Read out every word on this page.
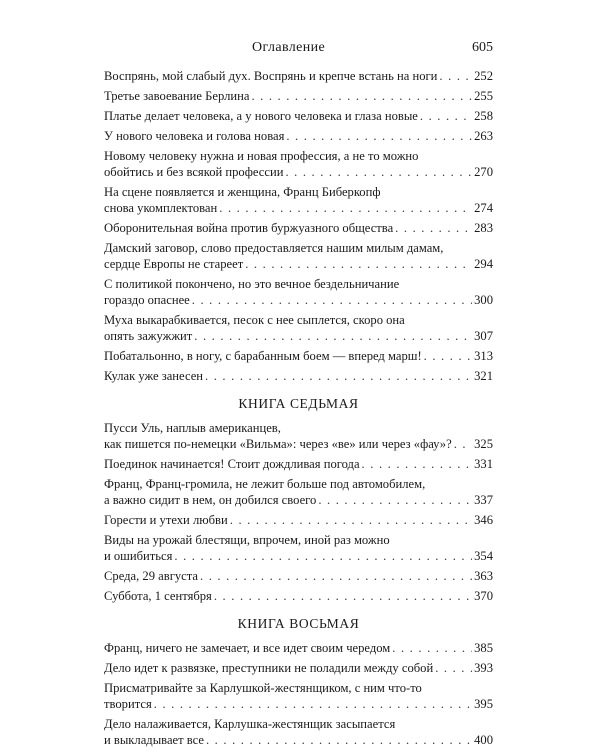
Оглавление	605
Воспрянь, мой слабый дух. Воспрянь и крепче встань на ноги . . .	252
Третье завоевание Берлина . . .	255
Платье делает человека, а у нового человека и глаза новые . . .	258
У нового человека и голова новая . . .	263
Новому человеку нужна и новая профессия, а не то можно
обойтись и без всякой профессии . . .	270
На сцене появляется и женщина, Франц Биберкопф
снова укомплектован . . .	274
Оборонительная война против буржуазного общества . . .	283
Дамский заговор, слово предоставляется нашим милым дамам,
сердце Европы не стареет . . .	294
С политикой покончено, но это вечное бездельничание
гораздо опаснее . . .	300
Муха выкарабкивается, песок с нее сыплется, скоро она
опять зажужжит . . .	307
Побатальонно, в ногу, с барабанным боем — вперед марш! . . .	313
Кулак уже занесен . . .	321
КНИГА СЕДЬМАЯ
Пусси Уль, наплыв американцев,
как пишется по-немецки «Вильма»: через «ве» или через «фау»? . . . 325
Поединок начинается! Стоит дождливая погода . . .	331
Франц, Франц-громила, не лежит больше под автомобилем,
а важно сидит в нем, он добился своего . . .	337
Горести и утехи любви . . .	346
Виды на урожай блестящи, впрочем, иной раз можно
и ошибиться . . .	354
Среда, 29 августа . . .	363
Суббота, 1 сентября . . .	370
КНИГА ВОСЬМАЯ
Франц, ничего не замечает, и все идет своим чередом . . .	385
Дело идет к развязке, преступники не поладили между собой . . .	393
Присматривайте за Карлушкой-жестянщиком, с ним что-то
творится . . .	395
Дело налаживается, Карлушка-жестянщик засыпается
и выкладывает все . . .	400
